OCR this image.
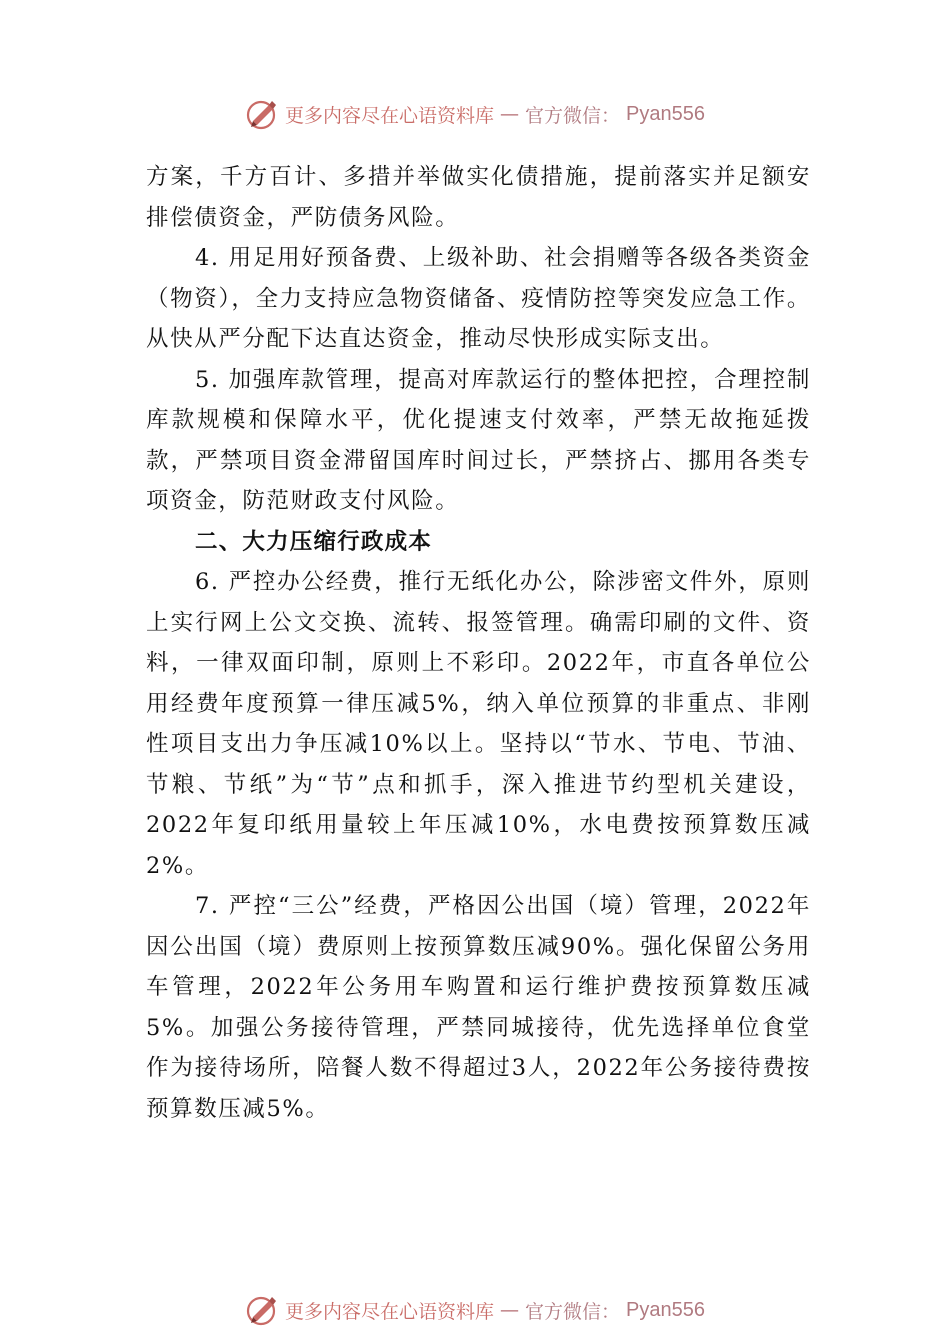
更多内容尽在心语资料库 — 官方微信： Pyan556

方案，千方百计、多措并举做实化债措施，提前落实并足额安排偿债资金，严防债务风险。

4. 用足用好预备费、上级补助、社会捐赠等各级各类资金（物资），全力支持应急物资储备、疫情防控等突发应急工作。从快从严分配下达直达资金，推动尽快形成实际支出。

5. 加强库款管理，提高对库款运行的整体把控，合理控制库款规模和保障水平，优化提速支付效率，严禁无故拖延拨款，严禁项目资金滞留国库时间过长，严禁挤占、挪用各类专项资金，防范财政支付风险。

二、大力压缩行政成本

6. 严控办公经费，推行无纸化办公，除涉密文件外，原则上实行网上公文交换、流转、报签管理。确需印刷的文件、资料，一律双面印制，原则上不彩印。2022年，市直各单位公用经费年度预算一律压减5%，纳入单位预算的非重点、非刚性项目支出力争压减10%以上。坚持以“节水、节电、节油、节粮、节纸”为“节”点和抓手，深入推进节约型机关建设，2022年复印纸用量较上年压减10%，水电费按预算数压减2%。

7. 严控“三公”经费，严格因公出国（境）管理，2022年因公出国（境）费原则上按预算数压减90%。强化保留公务用车管理，2022年公务用车购置和运行维护费按预算数压减5%。加强公务接待管理，严禁同城接待，优先选择单位食堂作为接待场所，陪餐人数不得超过3人，2022年公务接待费按预算数压减5%。

更多内容尽在心语资料库 — 官方微信： Pyan556
